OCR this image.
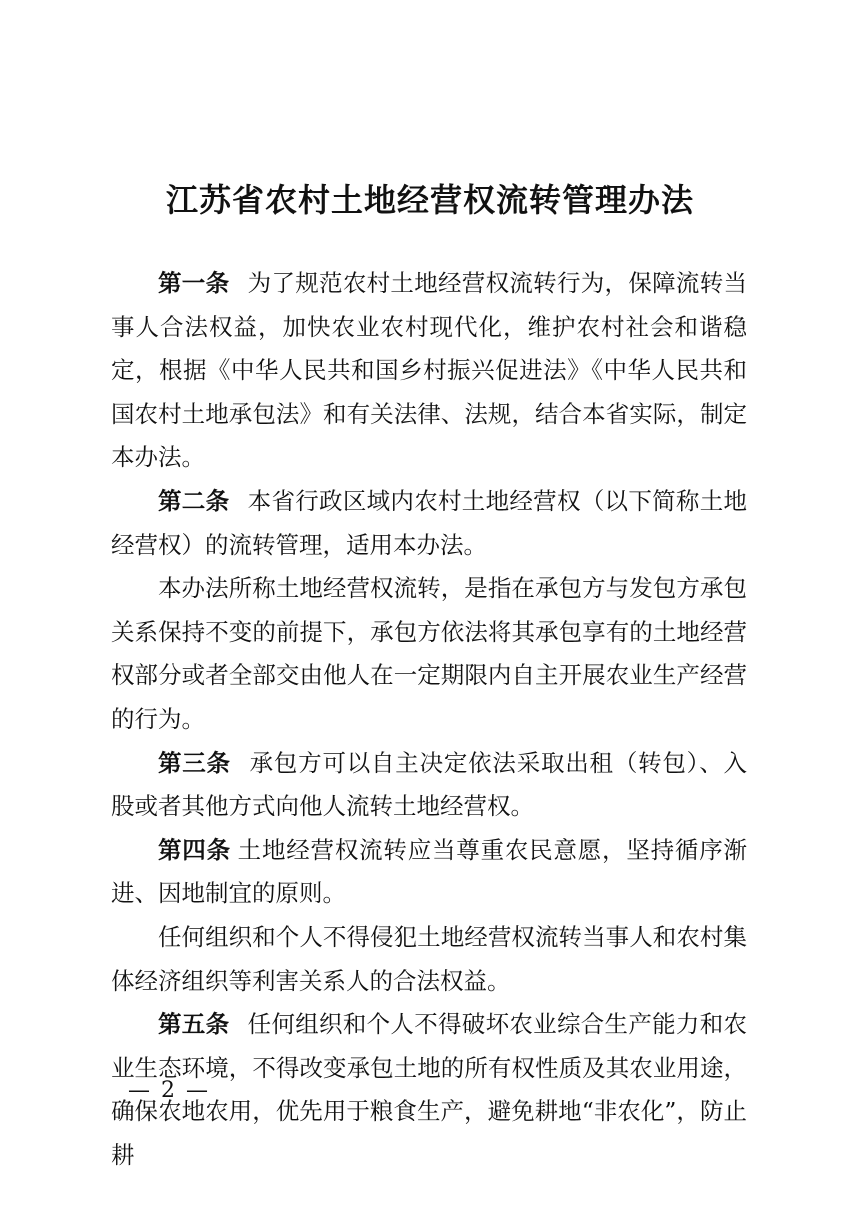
江苏省农村土地经营权流转管理办法

第一条 为了规范农村土地经营权流转行为，保障流转当事人合法权益，加快农业农村现代化，维护农村社会和谐稳定，根据《中华人民共和国乡村振兴促进法》《中华人民共和国农村土地承包法》和有关法律、法规，结合本省实际，制定本办法。

第二条 本省行政区域内农村土地经营权（以下简称土地经营权）的流转管理，适用本办法。

本办法所称土地经营权流转，是指在承包方与发包方承包关系保持不变的前提下，承包方依法将其承包享有的土地经营权部分或者全部交由他人在一定期限内自主开展农业生产经营的行为。

第三条 承包方可以自主决定依法采取出租（转包）、入股或者其他方式向他人流转土地经营权。

第四条 土地经营权流转应当尊重农民意愿，坚持循序渐进、因地制宜的原则。

任何组织和个人不得侵犯土地经营权流转当事人和农村集体经济组织等利害关系人的合法权益。

第五条 任何组织和个人不得破坏农业综合生产能力和农业生态环境，不得改变承包土地的所有权性质及其农业用途，确保农地农用，优先用于粮食生产，避免耕地“非农化”，防止耕

— 2 —
